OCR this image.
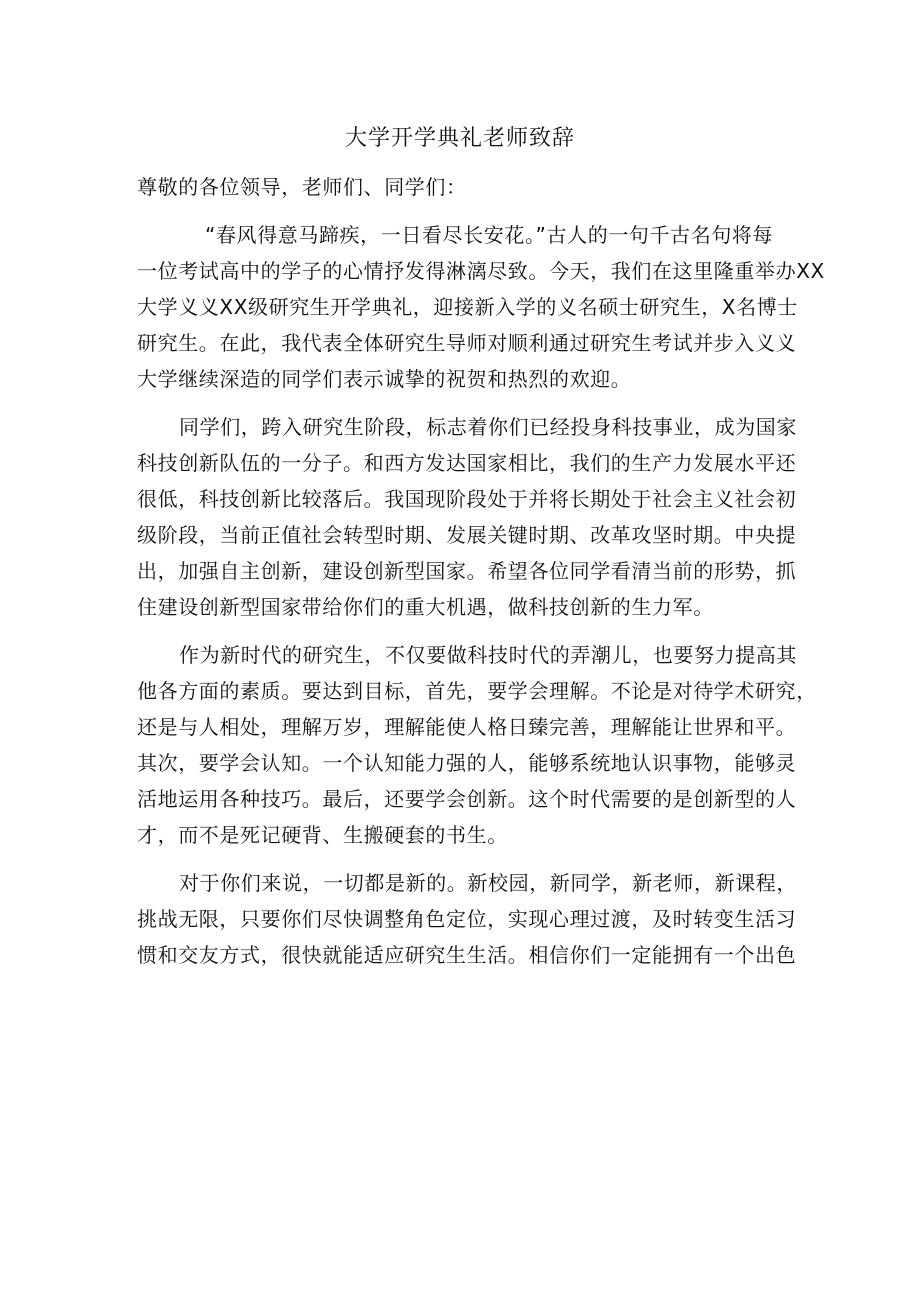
大学开学典礼老师致辞

尊敬的各位领导，老师们、同学们：

“春风得意马蹄疾，一日看尽长安花。”古人的一句千古名句将每
一位考试高中的学子的心情抒发得淋漓尽致。今天，我们在这里隆重举办XX
大学义义XX级研究生开学典礼，迎接新入学的义名硕士研究生，X名博士
研究生。在此，我代表全体研究生导师对顺利通过研究生考试并步入义义
大学继续深造的同学们表示诚挚的祝贺和热烈的欢迎。

同学们，跨入研究生阶段，标志着你们已经投身科技事业，成为国家
科技创新队伍的一分子。和西方发达国家相比，我们的生产力发展水平还
很低，科技创新比较落后。我国现阶段处于并将长期处于社会主义社会初
级阶段，当前正值社会转型时期、发展关键时期、改革攻坚时期。中央提
出，加强自主创新，建设创新型国家。希望各位同学看清当前的形势，抓
住建设创新型国家带给你们的重大机遇，做科技创新的生力军。

作为新时代的研究生，不仅要做科技时代的弄潮儿，也要努力提高其
他各方面的素质。要达到目标，首先，要学会理解。不论是对待学术研究，
还是与人相处，理解万岁，理解能使人格日臻完善，理解能让世界和平。
其次，要学会认知。一个认知能力强的人，能够系统地认识事物，能够灵
活地运用各种技巧。最后，还要学会创新。这个时代需要的是创新型的人
才，而不是死记硬背、生搬硬套的书生。

对于你们来说，一切都是新的。新校园，新同学，新老师，新课程，
挑战无限，只要你们尽快调整角色定位，实现心理过渡，及时转变生活习
惯和交友方式，很快就能适应研究生生活。相信你们一定能拥有一个出色
